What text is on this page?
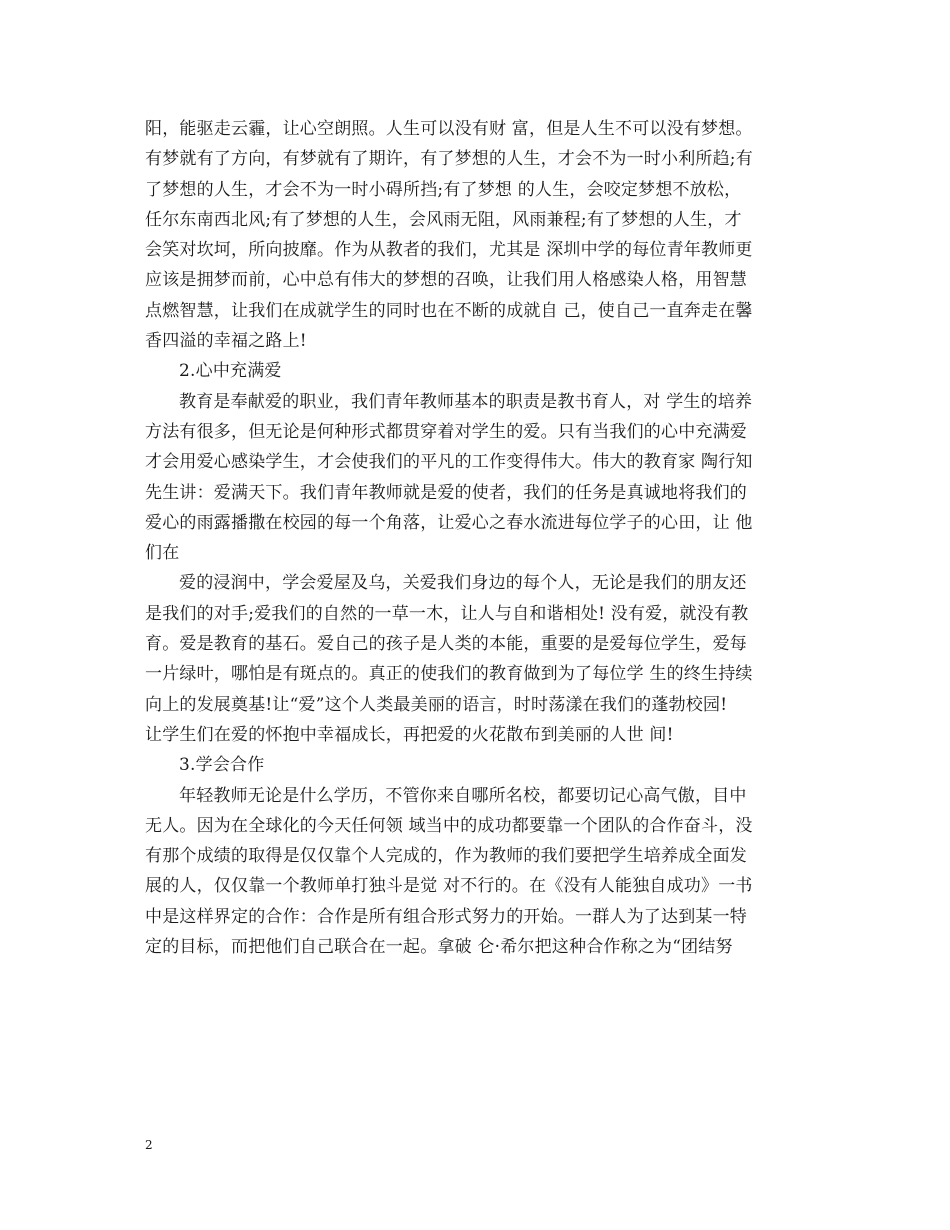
阳，能驱走云霾，让心空朗照。人生可以没有财 富，但是人生不可以没有梦想。
有梦就有了方向，有梦就有了期许，有了梦想的人生，才会不为一时小利所趋;有
了梦想的人生，才会不为一时小碍所挡;有了梦想 的人生，会咬定梦想不放松，
任尔东南西北风;有了梦想的人生，会风雨无阻，风雨兼程;有了梦想的人生，才
会笑对坎坷，所向披靡。作为从教者的我们，尤其是 深圳中学的每位青年教师更
应该是拥梦而前，心中总有伟大的梦想的召唤，让我们用人格感染人格，用智慧
点燃智慧，让我们在成就学生的同时也在不断的成就自 己，使自己一直奔走在馨
香四溢的幸福之路上!
2.心中充满爱
教育是奉献爱的职业，我们青年教师基本的职责是教书育人，对 学生的培养
方法有很多，但无论是何种形式都贯穿着对学生的爱。只有当我们的心中充满爱
才会用爱心感染学生，才会使我们的平凡的工作变得伟大。伟大的教育家 陶行知
先生讲：爱满天下。我们青年教师就是爱的使者，我们的任务是真诚地将我们的
爱心的雨露播撒在校园的每一个角落，让爱心之春水流进每位学子的心田，让 他
们在
爱的浸润中，学会爱屋及乌，关爱我们身边的每个人，无论是我们的朋友还
是我们的对手;爱我们的自然的一草一木，让人与自和谐相处! 没有爱，就没有教
育。爱是教育的基石。爱自己的孩子是人类的本能，重要的是爱每位学生，爱每
一片绿叶，哪怕是有斑点的。真正的使我们的教育做到为了每位学 生的终生持续
向上的发展奠基!让“爱”这个人类最美丽的语言，时时荡漾在我们的蓬勃校园!
让学生们在爱的怀抱中幸福成长，再把爱的火花散布到美丽的人世 间!
3.学会合作
年轻教师无论是什么学历，不管你来自哪所名校，都要切记心高气傲，目中
无人。因为在全球化的今天任何领 域当中的成功都要靠一个团队的合作奋斗，没
有那个成绩的取得是仅仅靠个人完成的，作为教师的我们要把学生培养成全面发
展的人，仅仅靠一个教师单打独斗是觉 对不行的。在《没有人能独自成功》一书
中是这样界定的合作：合作是所有组合形式努力的开始。一群人为了达到某一特
定的目标，而把他们自己联合在一起。拿破 仑·希尔把这种合作称之为“团结努
2
